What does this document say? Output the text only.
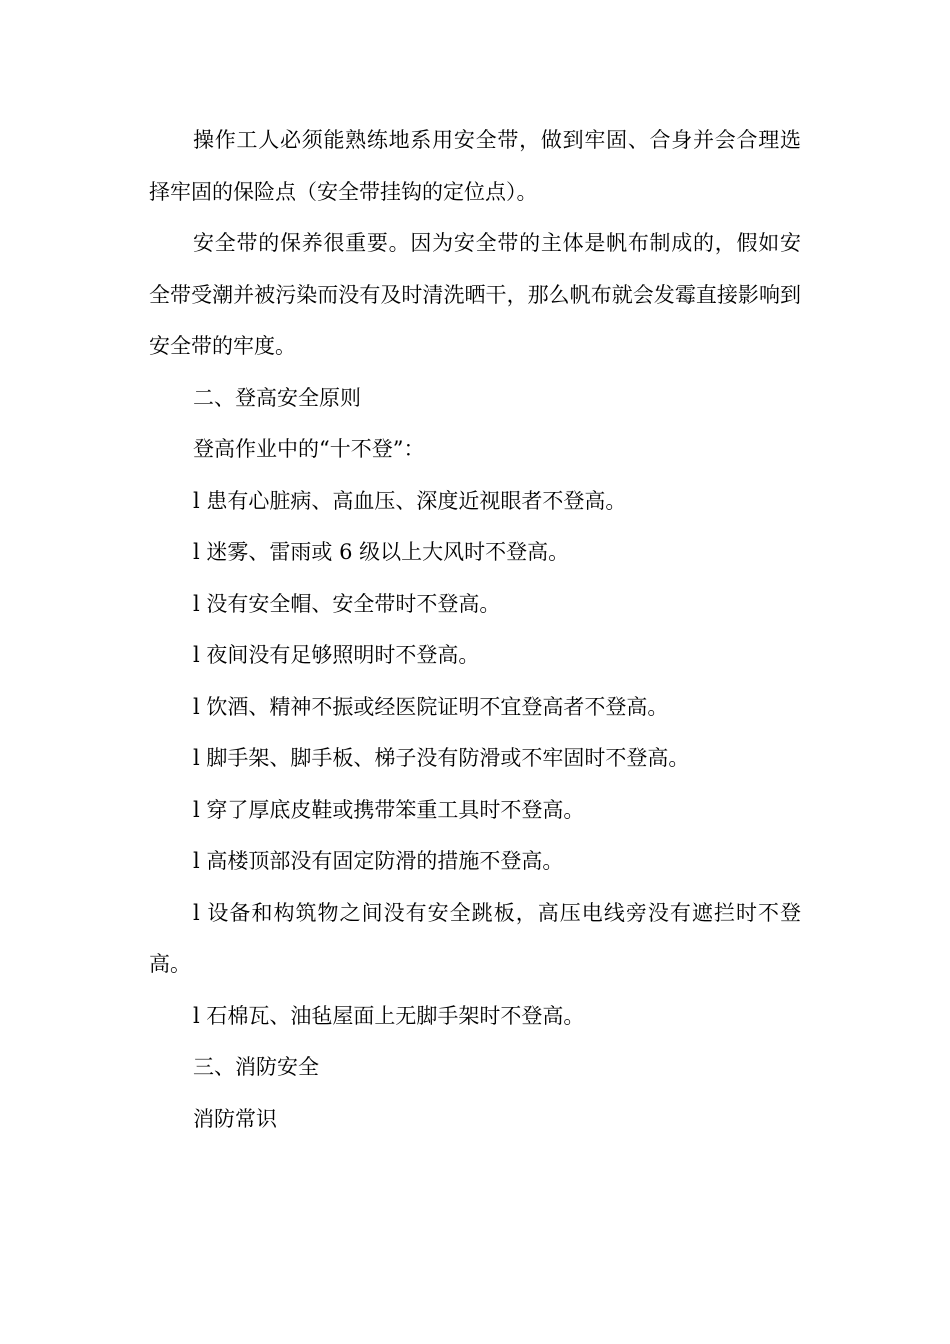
操作工人必须能熟练地系用安全带，做到牢固、合身并会合理选择牢固的保险点（安全带挂钩的定位点）。

安全带的保养很重要。因为安全带的主体是帆布制成的，假如安全带受潮并被污染而没有及时清洗晒干，那么帆布就会发霉直接影响到安全带的牢度。

二、登高安全原则

登高作业中的“十不登”：

l 患有心脏病、高血压、深度近视眼者不登高。

l 迷雾、雷雨或 6 级以上大风时不登高。

l 没有安全帽、安全带时不登高。

l 夜间没有足够照明时不登高。

l 饮酒、精神不振或经医院证明不宜登高者不登高。

l 脚手架、脚手板、梯子没有防滑或不牢固时不登高。

l 穿了厚底皮鞋或携带笨重工具时不登高。

l 高楼顶部没有固定防滑的措施不登高。

l 设备和构筑物之间没有安全跳板，高压电线旁没有遮拦时不登高。

l 石棉瓦、油毡屋面上无脚手架时不登高。

三、消防安全

消防常识
